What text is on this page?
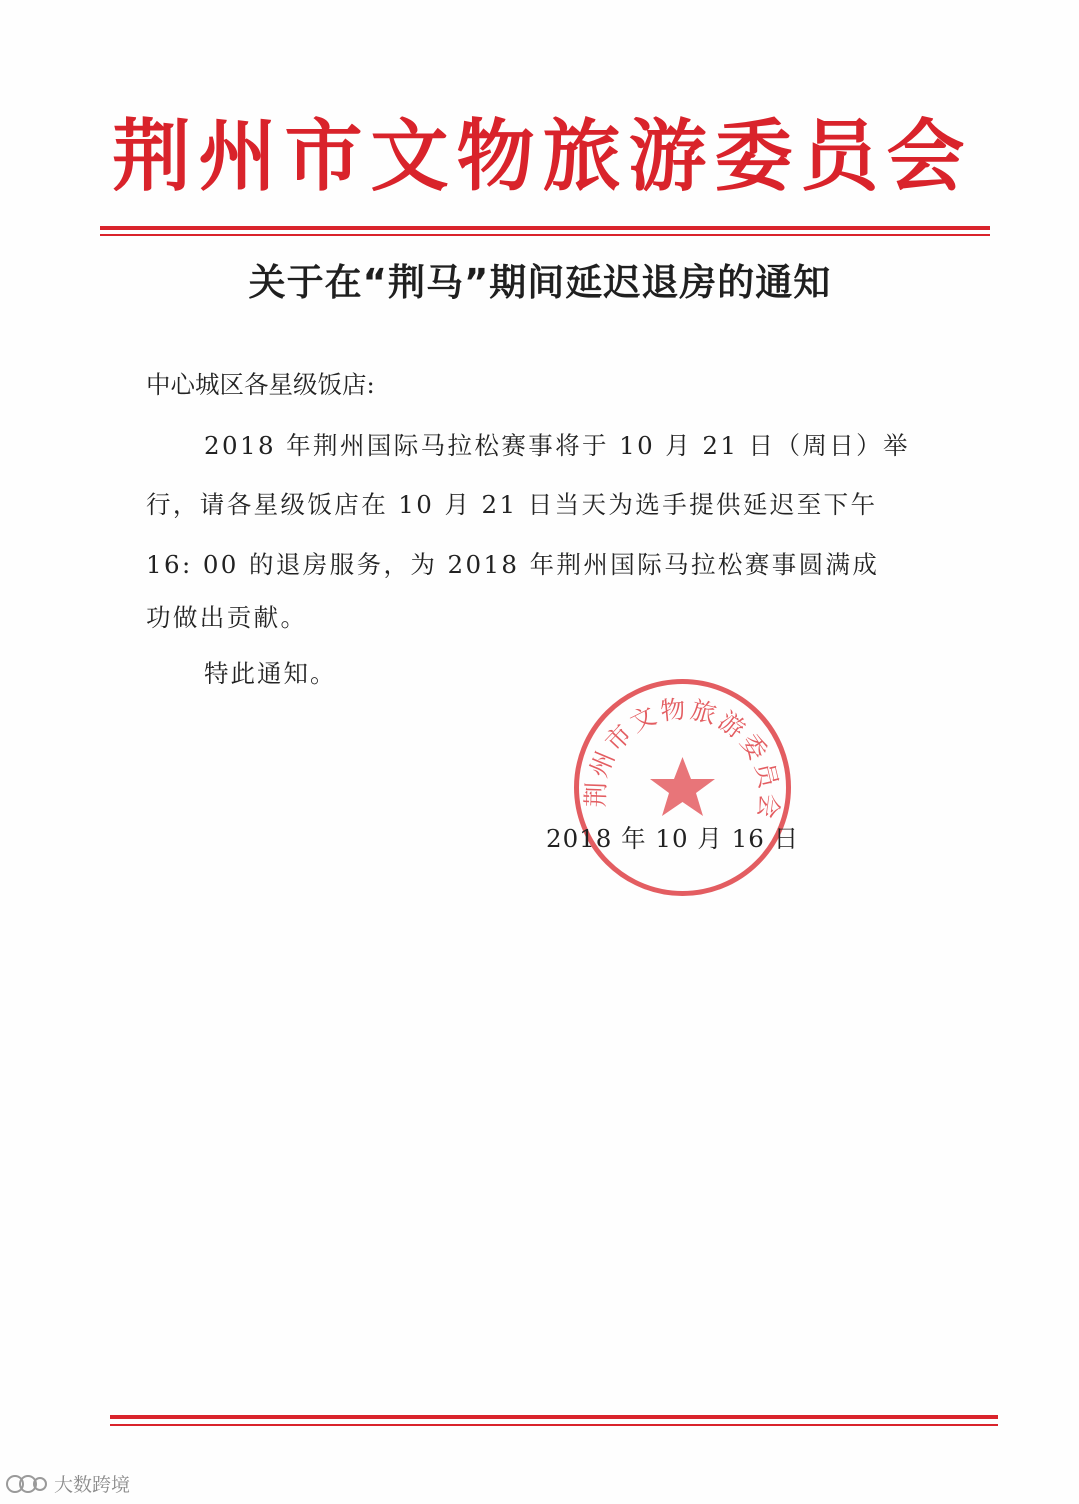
荆州市文物旅游委员会
关于在“荆马”期间延迟退房的通知
中心城区各星级饭店:
2018 年荆州国际马拉松赛事将于 10 月 21 日（周日）举
行，请各星级饭店在 10 月 21 日当天为选手提供延迟至下午
16: 00 的退房服务，为 2018 年荆州国际马拉松赛事圆满成
功做出贡献。
特此通知。
荆州市文物旅游委员会
2018 年 10 月 16 日
大数跨境
